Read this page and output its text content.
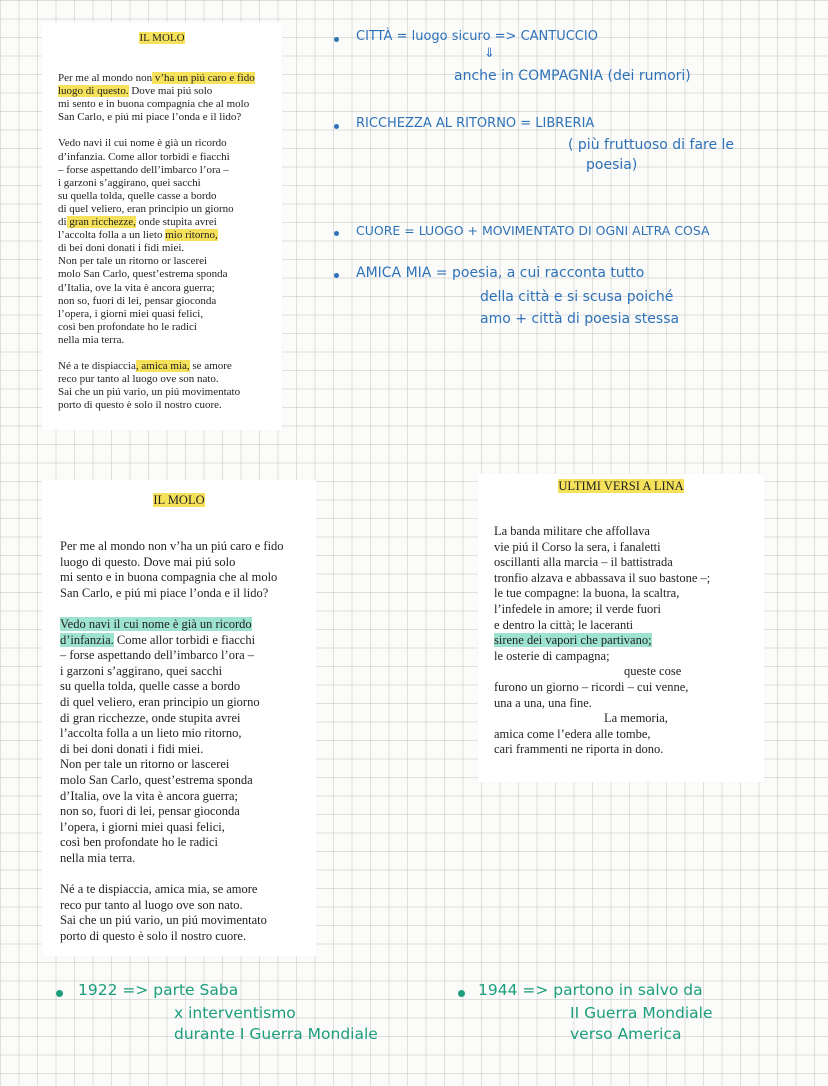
IL MOLO
Per me al mondo non v’ha un piú caro e fido
luogo di questo. Dove mai piú solo
mi sento e in buona compagnia che al molo
San Carlo, e piú mi piace l’onda e il lido?
Vedo navi il cui nome è già un ricordo
d’infanzia. Come allor torbidi e fiacchi
– forse aspettando dell’imbarco l’ora –
i garzoni s’aggirano, quei sacchi
su quella tolda, quelle casse a bordo
di quel veliero, eran principio un giorno
di gran ricchezze, onde stupita avrei
l’accolta folla a un lieto mio ritorno,
di bei doni donati i fidi miei.
Non per tale un ritorno or lascerei
molo San Carlo, quest’estrema sponda
d’Italia, ove la vita è ancora guerra;
non so, fuori di lei, pensar gioconda
l’opera, i giorni miei quasi felici,
così ben profondate ho le radici
nella mia terra.
Né a te dispiaccia, amica mia, se amore
reco pur tanto al luogo ove son nato.
Sai che un piú vario, un piú movimentato
porto di questo è solo il nostro cuore.
IL MOLO
Per me al mondo non v’ha un piú caro e fido
luogo di questo. Dove mai piú solo
mi sento e in buona compagnia che al molo
San Carlo, e piú mi piace l’onda e il lido?
Vedo navi il cui nome è già un ricordo
d’infanzia. Come allor torbidi e fiacchi
– forse aspettando dell’imbarco l’ora –
i garzoni s’aggirano, quei sacchi
su quella tolda, quelle casse a bordo
di quel veliero, eran principio un giorno
di gran ricchezze, onde stupita avrei
l’accolta folla a un lieto mio ritorno,
di bei doni donati i fidi miei.
Non per tale un ritorno or lascerei
molo San Carlo, quest’estrema sponda
d’Italia, ove la vita è ancora guerra;
non so, fuori di lei, pensar gioconda
l’opera, i giorni miei quasi felici,
così ben profondate ho le radici
nella mia terra.
Né a te dispiaccia, amica mia, se amore
reco pur tanto al luogo ove son nato.
Sai che un piú vario, un piú movimentato
porto di questo è solo il nostro cuore.
ULTIMI VERSI A LINA
La banda militare che affollava
vie piú il Corso la sera, i fanaletti
oscillanti alla marcia – il battistrada
tronfio alzava e abbassava il suo bastone –;
le tue compagne: la buona, la scaltra,
l’infedele in amore; il verde fuori
e dentro la città; le laceranti
sirene dei vapori che partivano;
le osterie di campagna;
queste cose
furono un giorno – ricordi – cui venne,
una a una, una fine.
La memoria,
amica come l’edera alle tombe,
cari frammenti ne riporta in dono.
CITTÀ = luogo sicuro => CANTUCCIO
⇓
anche in COMPAGNIA (dei rumori)
RICCHEZZA AL RITORNO = LIBRERIA
( più fruttuoso di fare le
poesia)
CUORE = LUOGO + MOVIMENTATO DI OGNI ALTRA COSA
AMICA MIA = poesia, a cui racconta tutto
della città e si scusa poiché
amo + città di poesia stessa
1922 => parte Saba
x interventismo
durante I Guerra Mondiale
1944 => partono in salvo da
II Guerra Mondiale
verso America
